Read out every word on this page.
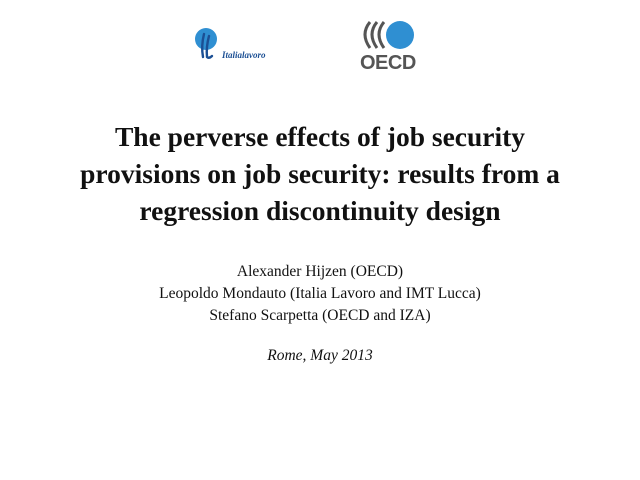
Italialavoro	OECD
The perverse effects of job security
provisions on job security: results from a
regression discontinuity design
Alexander Hijzen (OECD)
Leopoldo Mondauto (Italia Lavoro and IMT Lucca)
Stefano Scarpetta (OECD and IZA)
Rome, May 2013
